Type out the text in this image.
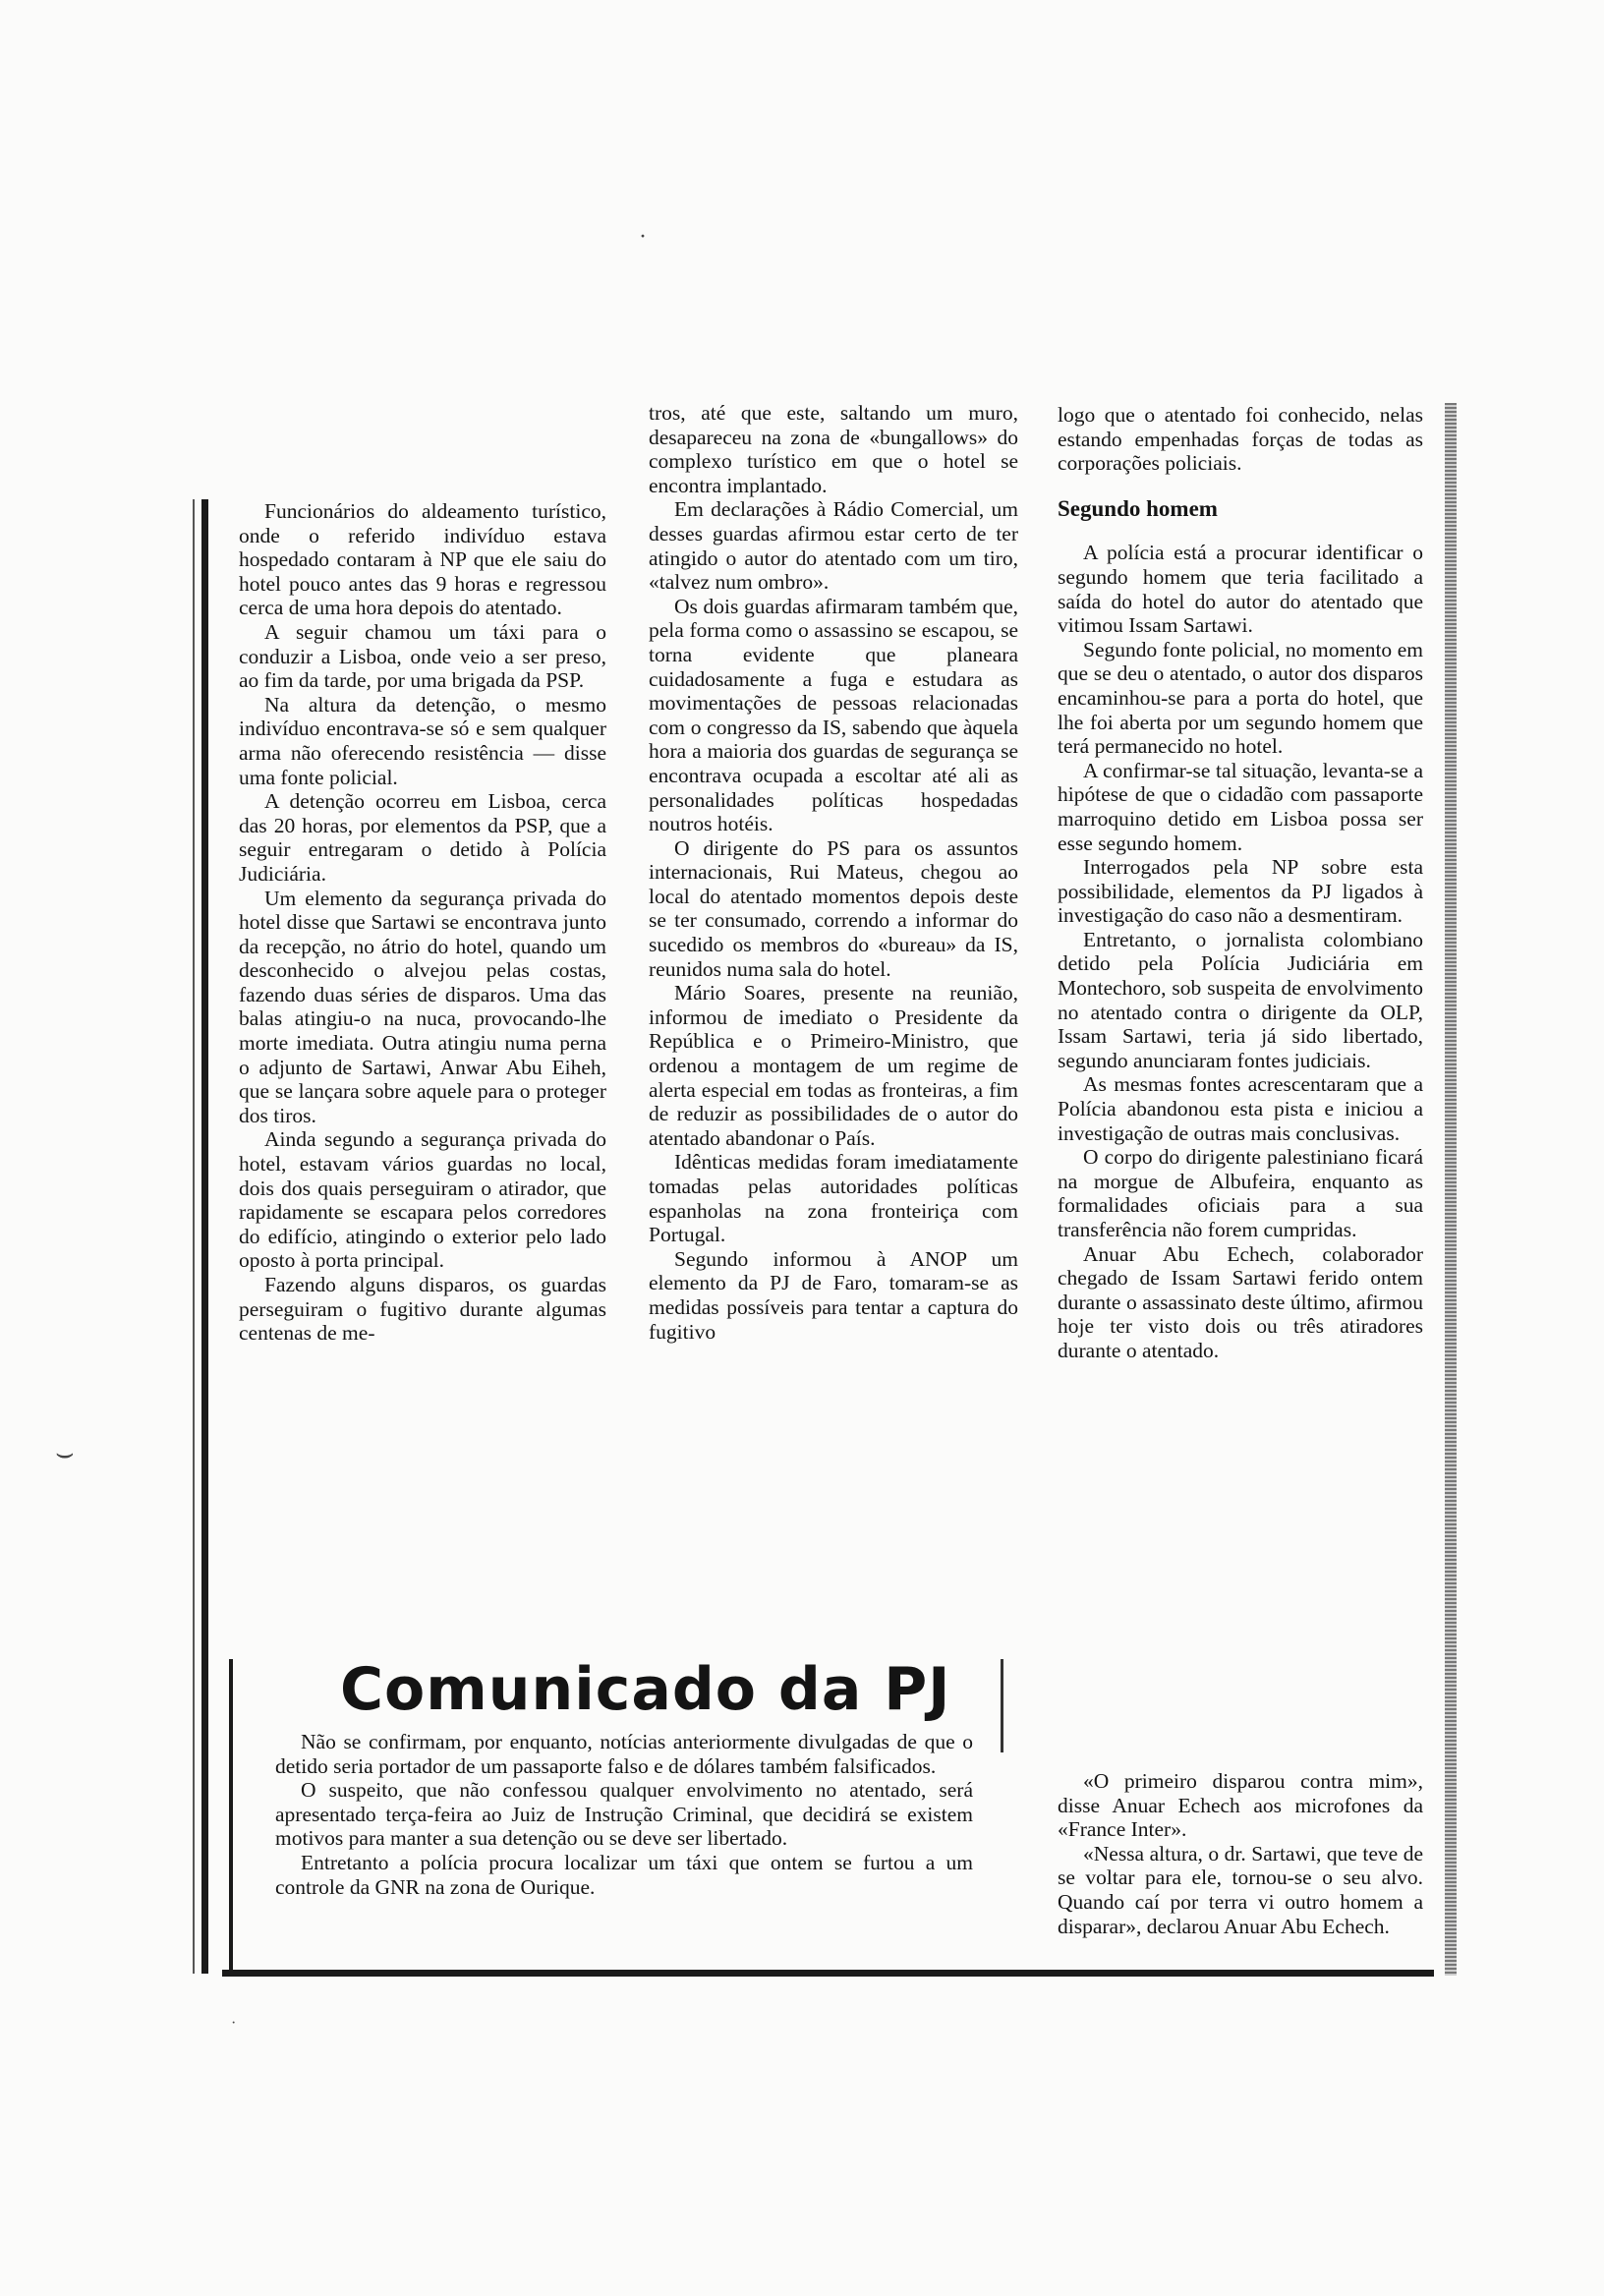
·
⌣
·

Funcionários do aldeamento turístico, onde o referido indivíduo estava hospedado contaram à NP que ele saiu do hotel pouco antes das 9 horas e regressou cerca de uma hora depois do atentado.

A seguir chamou um táxi para o conduzir a Lisboa, onde veio a ser preso, ao fim da tarde, por uma brigada da PSP.

Na altura da detenção, o mesmo indivíduo encontrava-se só e sem qualquer arma não oferecendo resistência — disse uma fonte policial.

A detenção ocorreu em Lisboa, cerca das 20 horas, por elementos da PSP, que a seguir entregaram o detido à Polícia Judiciária.

Um elemento da segurança privada do hotel disse que Sartawi se encontrava junto da recepção, no átrio do hotel, quando um desconhecido o alvejou pelas costas, fazendo duas séries de disparos. Uma das balas atingiu-o na nuca, provocando-lhe morte imediata. Outra atingiu numa perna o adjunto de Sartawi, Anwar Abu Eiheh, que se lançara sobre aquele para o proteger dos tiros.

Ainda segundo a segurança privada do hotel, estavam vários guardas no local, dois dos quais perseguiram o atirador, que rapidamente se escapara pelos corredores do edifício, atingindo o exterior pelo lado oposto à porta principal.

Fazendo alguns disparos, os guardas perseguiram o fugitivo durante algumas centenas de me-

tros, até que este, saltando um muro, desapareceu na zona de «bungallows» do complexo turístico em que o hotel se encontra implantado.

Em declarações à Rádio Comercial, um desses guardas afirmou estar certo de ter atingido o autor do atentado com um tiro, «talvez num ombro».

Os dois guardas afirmaram também que, pela forma como o assassino se escapou, se torna evidente que planeara cuidadosamente a fuga e estudara as movimentações de pessoas relacionadas com o congresso da IS, sabendo que àquela hora a maioria dos guardas de segurança se encontrava ocupada a escoltar até ali as personalidades políticas hospedadas noutros hotéis.

O dirigente do PS para os assuntos internacionais, Rui Mateus, chegou ao local do atentado momentos depois deste se ter consumado, correndo a informar do sucedido os membros do «bureau» da IS, reunidos numa sala do hotel.

Mário Soares, presente na reunião, informou de imediato o Presidente da República e o Primeiro-Ministro, que ordenou a montagem de um regime de alerta especial em todas as fronteiras, a fim de reduzir as possibilidades de o autor do atentado abandonar o País.

Idênticas medidas foram imediatamente tomadas pelas autoridades políticas espanholas na zona fronteiriça com Portugal.

Segundo informou à ANOP um elemento da PJ de Faro, tomaram-se as medidas possíveis para tentar a captura do fugitivo

logo que o atentado foi conhecido, nelas estando empenhadas forças de todas as corporações policiais.

Segundo homem

A polícia está a procurar identificar o segundo homem que teria facilitado a saída do hotel do autor do atentado que vitimou Issam Sartawi.

Segundo fonte policial, no momento em que se deu o atentado, o autor dos disparos encaminhou-se para a porta do hotel, que lhe foi aberta por um segundo homem que terá permanecido no hotel.

A confirmar-se tal situação, levanta-se a hipótese de que o cidadão com passaporte marroquino detido em Lisboa possa ser esse segundo homem.

Interrogados pela NP sobre esta possibilidade, elementos da PJ ligados à investigação do caso não a desmentiram.

Entretanto, o jornalista colombiano detido pela Polícia Judiciária em Montechoro, sob suspeita de envolvimento no atentado contra o dirigente da OLP, Issam Sartawi, teria já sido libertado, segundo anunciaram fontes judiciais.

As mesmas fontes acrescentaram que a Polícia abandonou esta pista e iniciou a investigação de outras mais conclusivas.

O corpo do dirigente palestiniano ficará na morgue de Albufeira, enquanto as formalidades oficiais para a sua transferência não forem cumpridas.

Anuar Abu Echech, colaborador chegado de Issam Sartawi ferido ontem durante o assassinato deste último, afirmou hoje ter visto dois ou três atiradores durante o atentado.

«O primeiro disparou contra mim», disse Anuar Echech aos microfones da «France Inter».

«Nessa altura, o dr. Sartawi, que teve de se voltar para ele, tornou-se o seu alvo. Quando caí por terra vi outro homem a disparar», declarou Anuar Abu Echech.

Comunicado da PJ

Não se confirmam, por enquanto, notícias anteriormente divulgadas de que o detido seria portador de um passaporte falso e de dólares também falsificados.

O suspeito, que não confessou qualquer envolvimento no atentado, será apresentado terça-feira ao Juiz de Instrução Criminal, que decidirá se existem motivos para manter a sua detenção ou se deve ser libertado.

Entretanto a polícia procura localizar um táxi que ontem se furtou a um controle da GNR na zona de Ourique.
